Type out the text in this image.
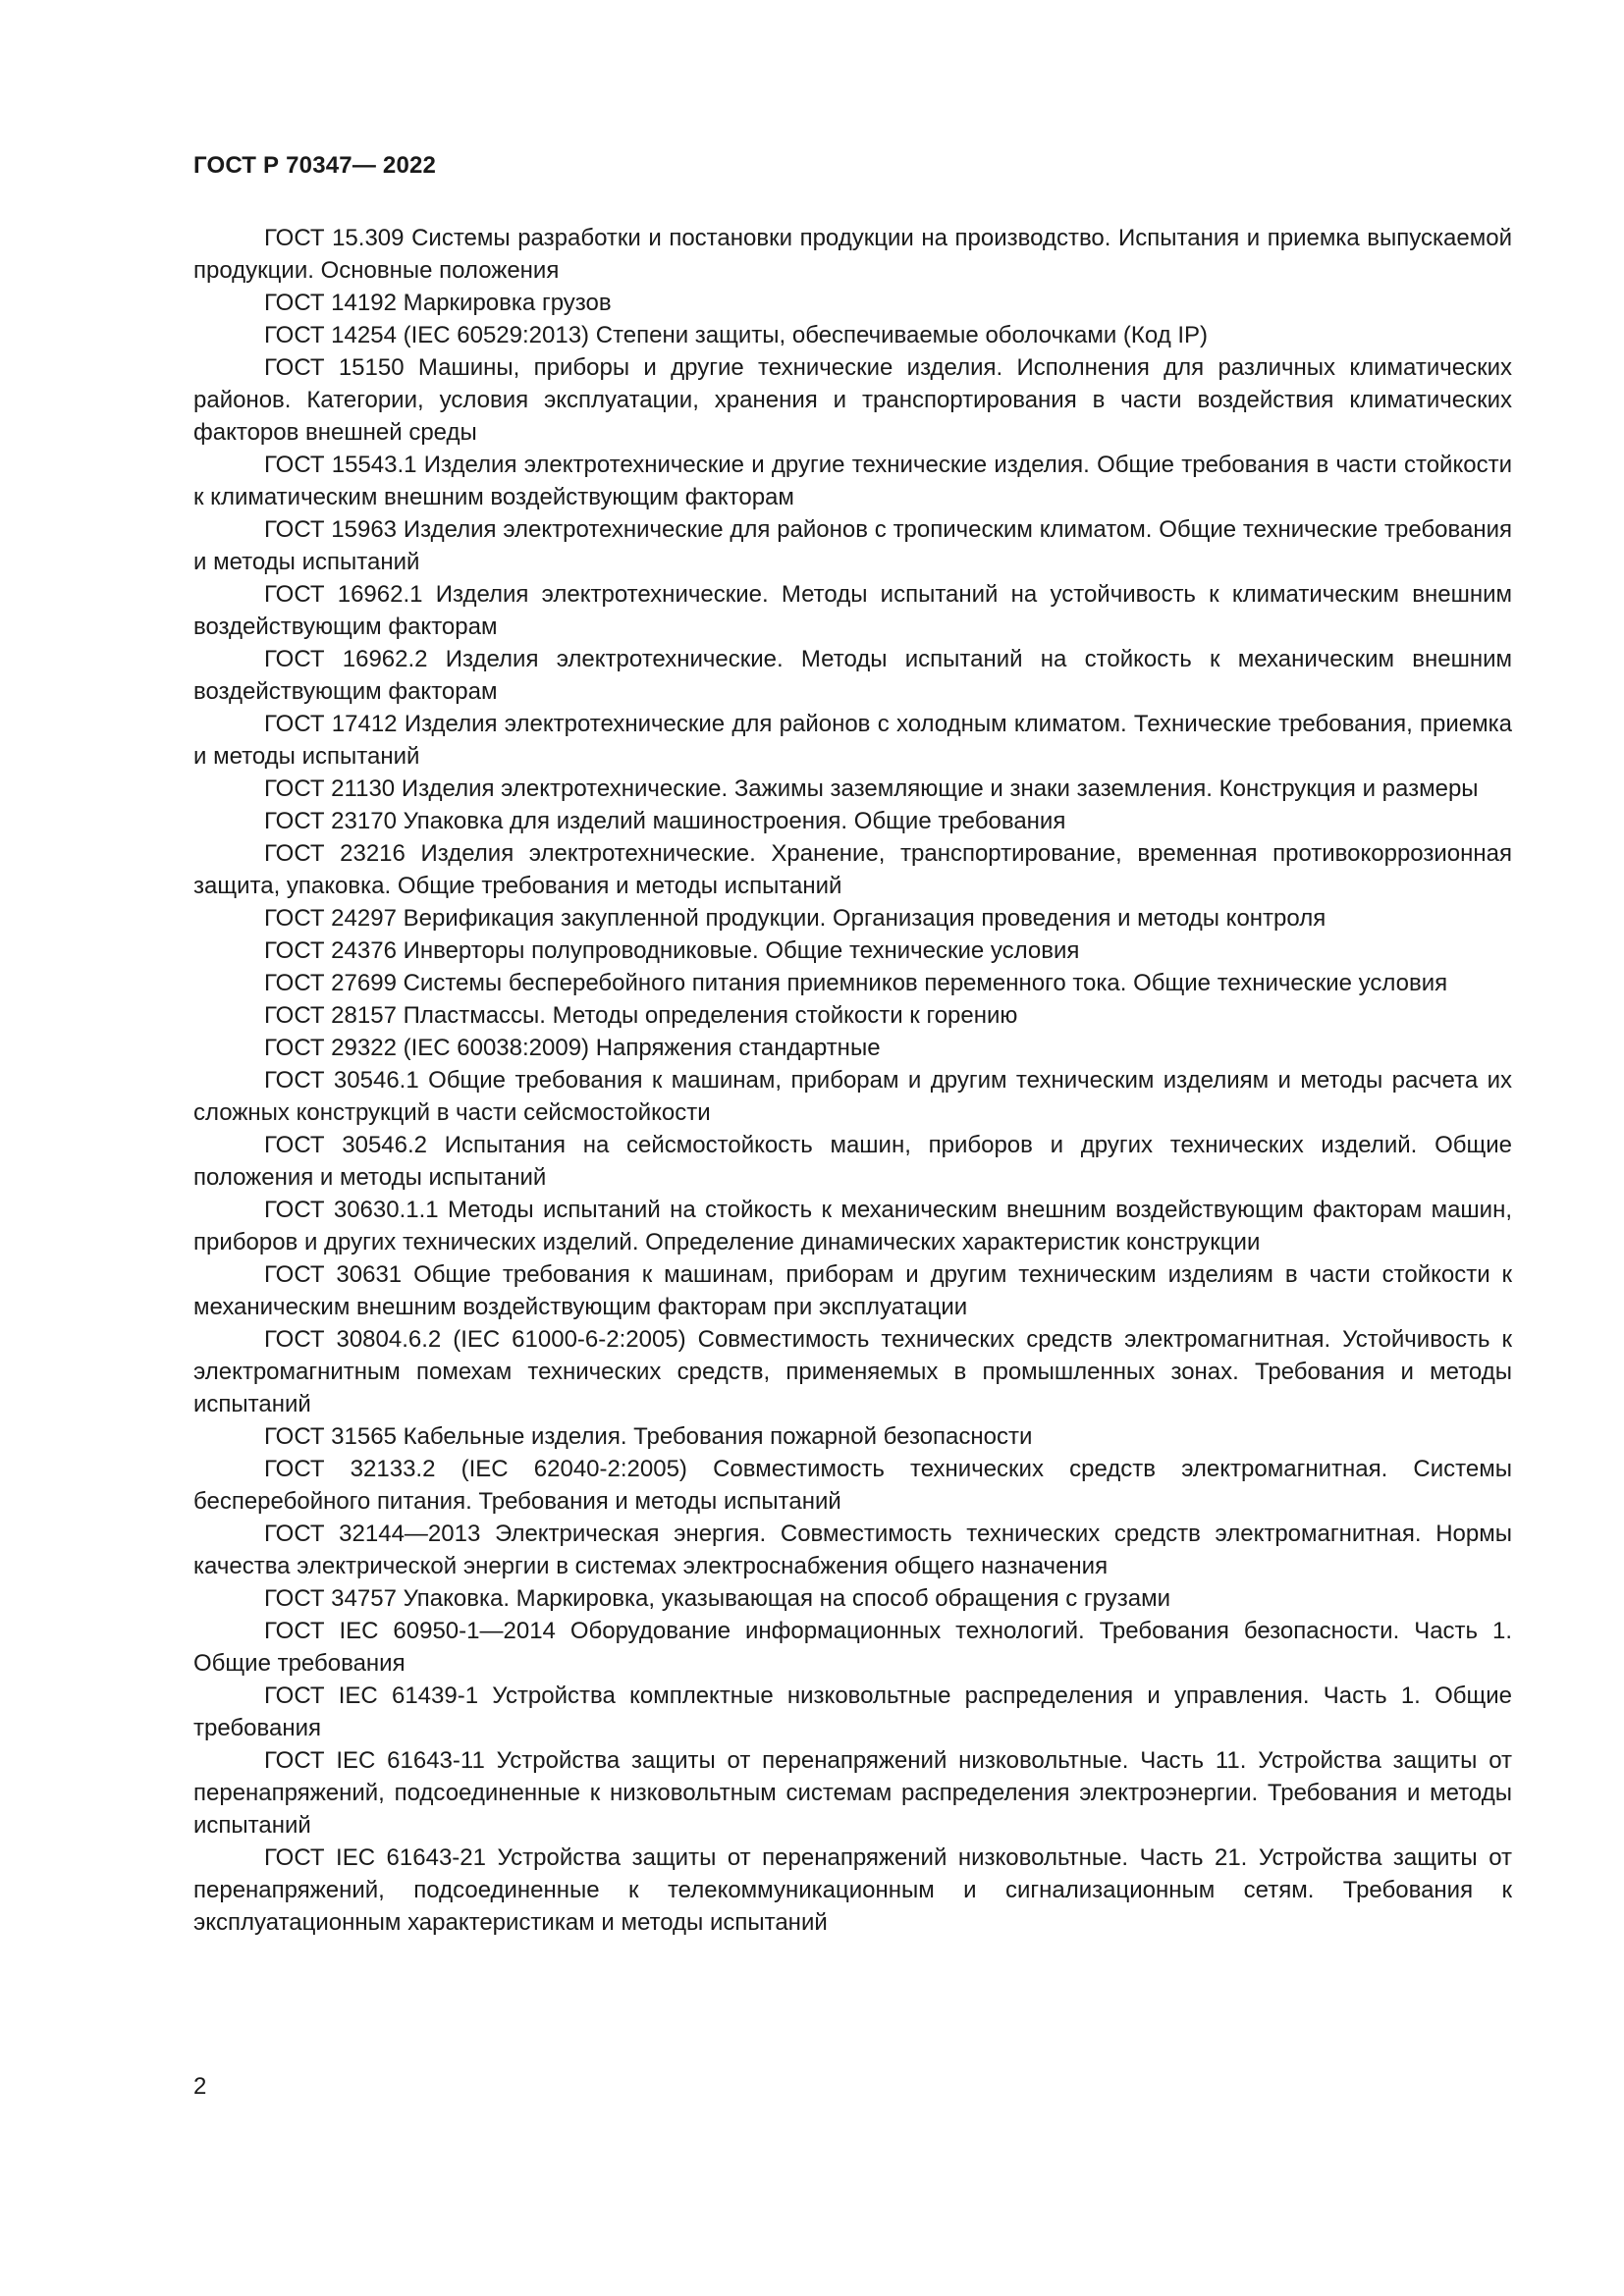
ГОСТ Р 70347— 2022

ГОСТ 15.309 Системы разработки и постановки продукции на производство. Испытания и приемка выпускаемой продукции. Основные положения

ГОСТ 14192 Маркировка грузов

ГОСТ 14254 (IEC 60529:2013) Степени защиты, обеспечиваемые оболочками (Код IP)

ГОСТ 15150 Машины, приборы и другие технические изделия. Исполнения для различных климатических районов. Категории, условия эксплуатации, хранения и транспортирования в части воздействия климатических факторов внешней среды

ГОСТ 15543.1 Изделия электротехнические и другие технические изделия. Общие требования в части стойкости к климатическим внешним воздействующим факторам

ГОСТ 15963 Изделия электротехнические для районов с тропическим климатом. Общие технические требования и методы испытаний

ГОСТ 16962.1 Изделия электротехнические. Методы испытаний на устойчивость к климатическим внешним воздействующим факторам

ГОСТ 16962.2 Изделия электротехнические. Методы испытаний на стойкость к механическим внешним воздействующим факторам

ГОСТ 17412 Изделия электротехнические для районов с холодным климатом. Технические требования, приемка и методы испытаний

ГОСТ 21130 Изделия электротехнические. Зажимы заземляющие и знаки заземления. Конструкция и размеры

ГОСТ 23170 Упаковка для изделий машиностроения. Общие требования

ГОСТ 23216 Изделия электротехнические. Хранение, транспортирование, временная противокоррозионная защита, упаковка. Общие требования и методы испытаний

ГОСТ 24297 Верификация закупленной продукции. Организация проведения и методы контроля

ГОСТ 24376 Инверторы полупроводниковые. Общие технические условия

ГОСТ 27699 Системы бесперебойного питания приемников переменного тока. Общие технические условия

ГОСТ 28157 Пластмассы. Методы определения стойкости к горению

ГОСТ 29322 (IEC 60038:2009) Напряжения стандартные

ГОСТ 30546.1 Общие требования к машинам, приборам и другим техническим изделиям и методы расчета их сложных конструкций в части сейсмостойкости

ГОСТ 30546.2 Испытания на сейсмостойкость машин, приборов и других технических изделий. Общие положения и методы испытаний

ГОСТ 30630.1.1 Методы испытаний на стойкость к механическим внешним воздействующим факторам машин, приборов и других технических изделий. Определение динамических характеристик конструкции

ГОСТ 30631 Общие требования к машинам, приборам и другим техническим изделиям в части стойкости к механическим внешним воздействующим факторам при эксплуатации

ГОСТ 30804.6.2 (IEC 61000-6-2:2005) Совместимость технических средств электромагнитная. Устойчивость к электромагнитным помехам технических средств, применяемых в промышленных зонах. Требования и методы испытаний

ГОСТ 31565 Кабельные изделия. Требования пожарной безопасности

ГОСТ 32133.2 (IEC 62040-2:2005) Совместимость технических средств электромагнитная. Системы бесперебойного питания. Требования и методы испытаний

ГОСТ 32144—2013 Электрическая энергия. Совместимость технических средств электромагнитная. Нормы качества электрической энергии в системах электроснабжения общего назначения

ГОСТ 34757 Упаковка. Маркировка, указывающая на способ обращения с грузами

ГОСТ IEC 60950-1—2014 Оборудование информационных технологий. Требования безопасности. Часть 1. Общие требования

ГОСТ IEC 61439-1 Устройства комплектные низковольтные распределения и управления. Часть 1. Общие требования

ГОСТ IEC 61643-11 Устройства защиты от перенапряжений низковольтные. Часть 11. Устройства защиты от перенапряжений, подсоединенные к низковольтным системам распределения электроэнергии. Требования и методы испытаний

ГОСТ IEC 61643-21 Устройства защиты от перенапряжений низковольтные. Часть 21. Устройства защиты от перенапряжений, подсоединенные к телекоммуникационным и сигнализационным сетям. Требования к эксплуатационным характеристикам и методы испытаний

2
